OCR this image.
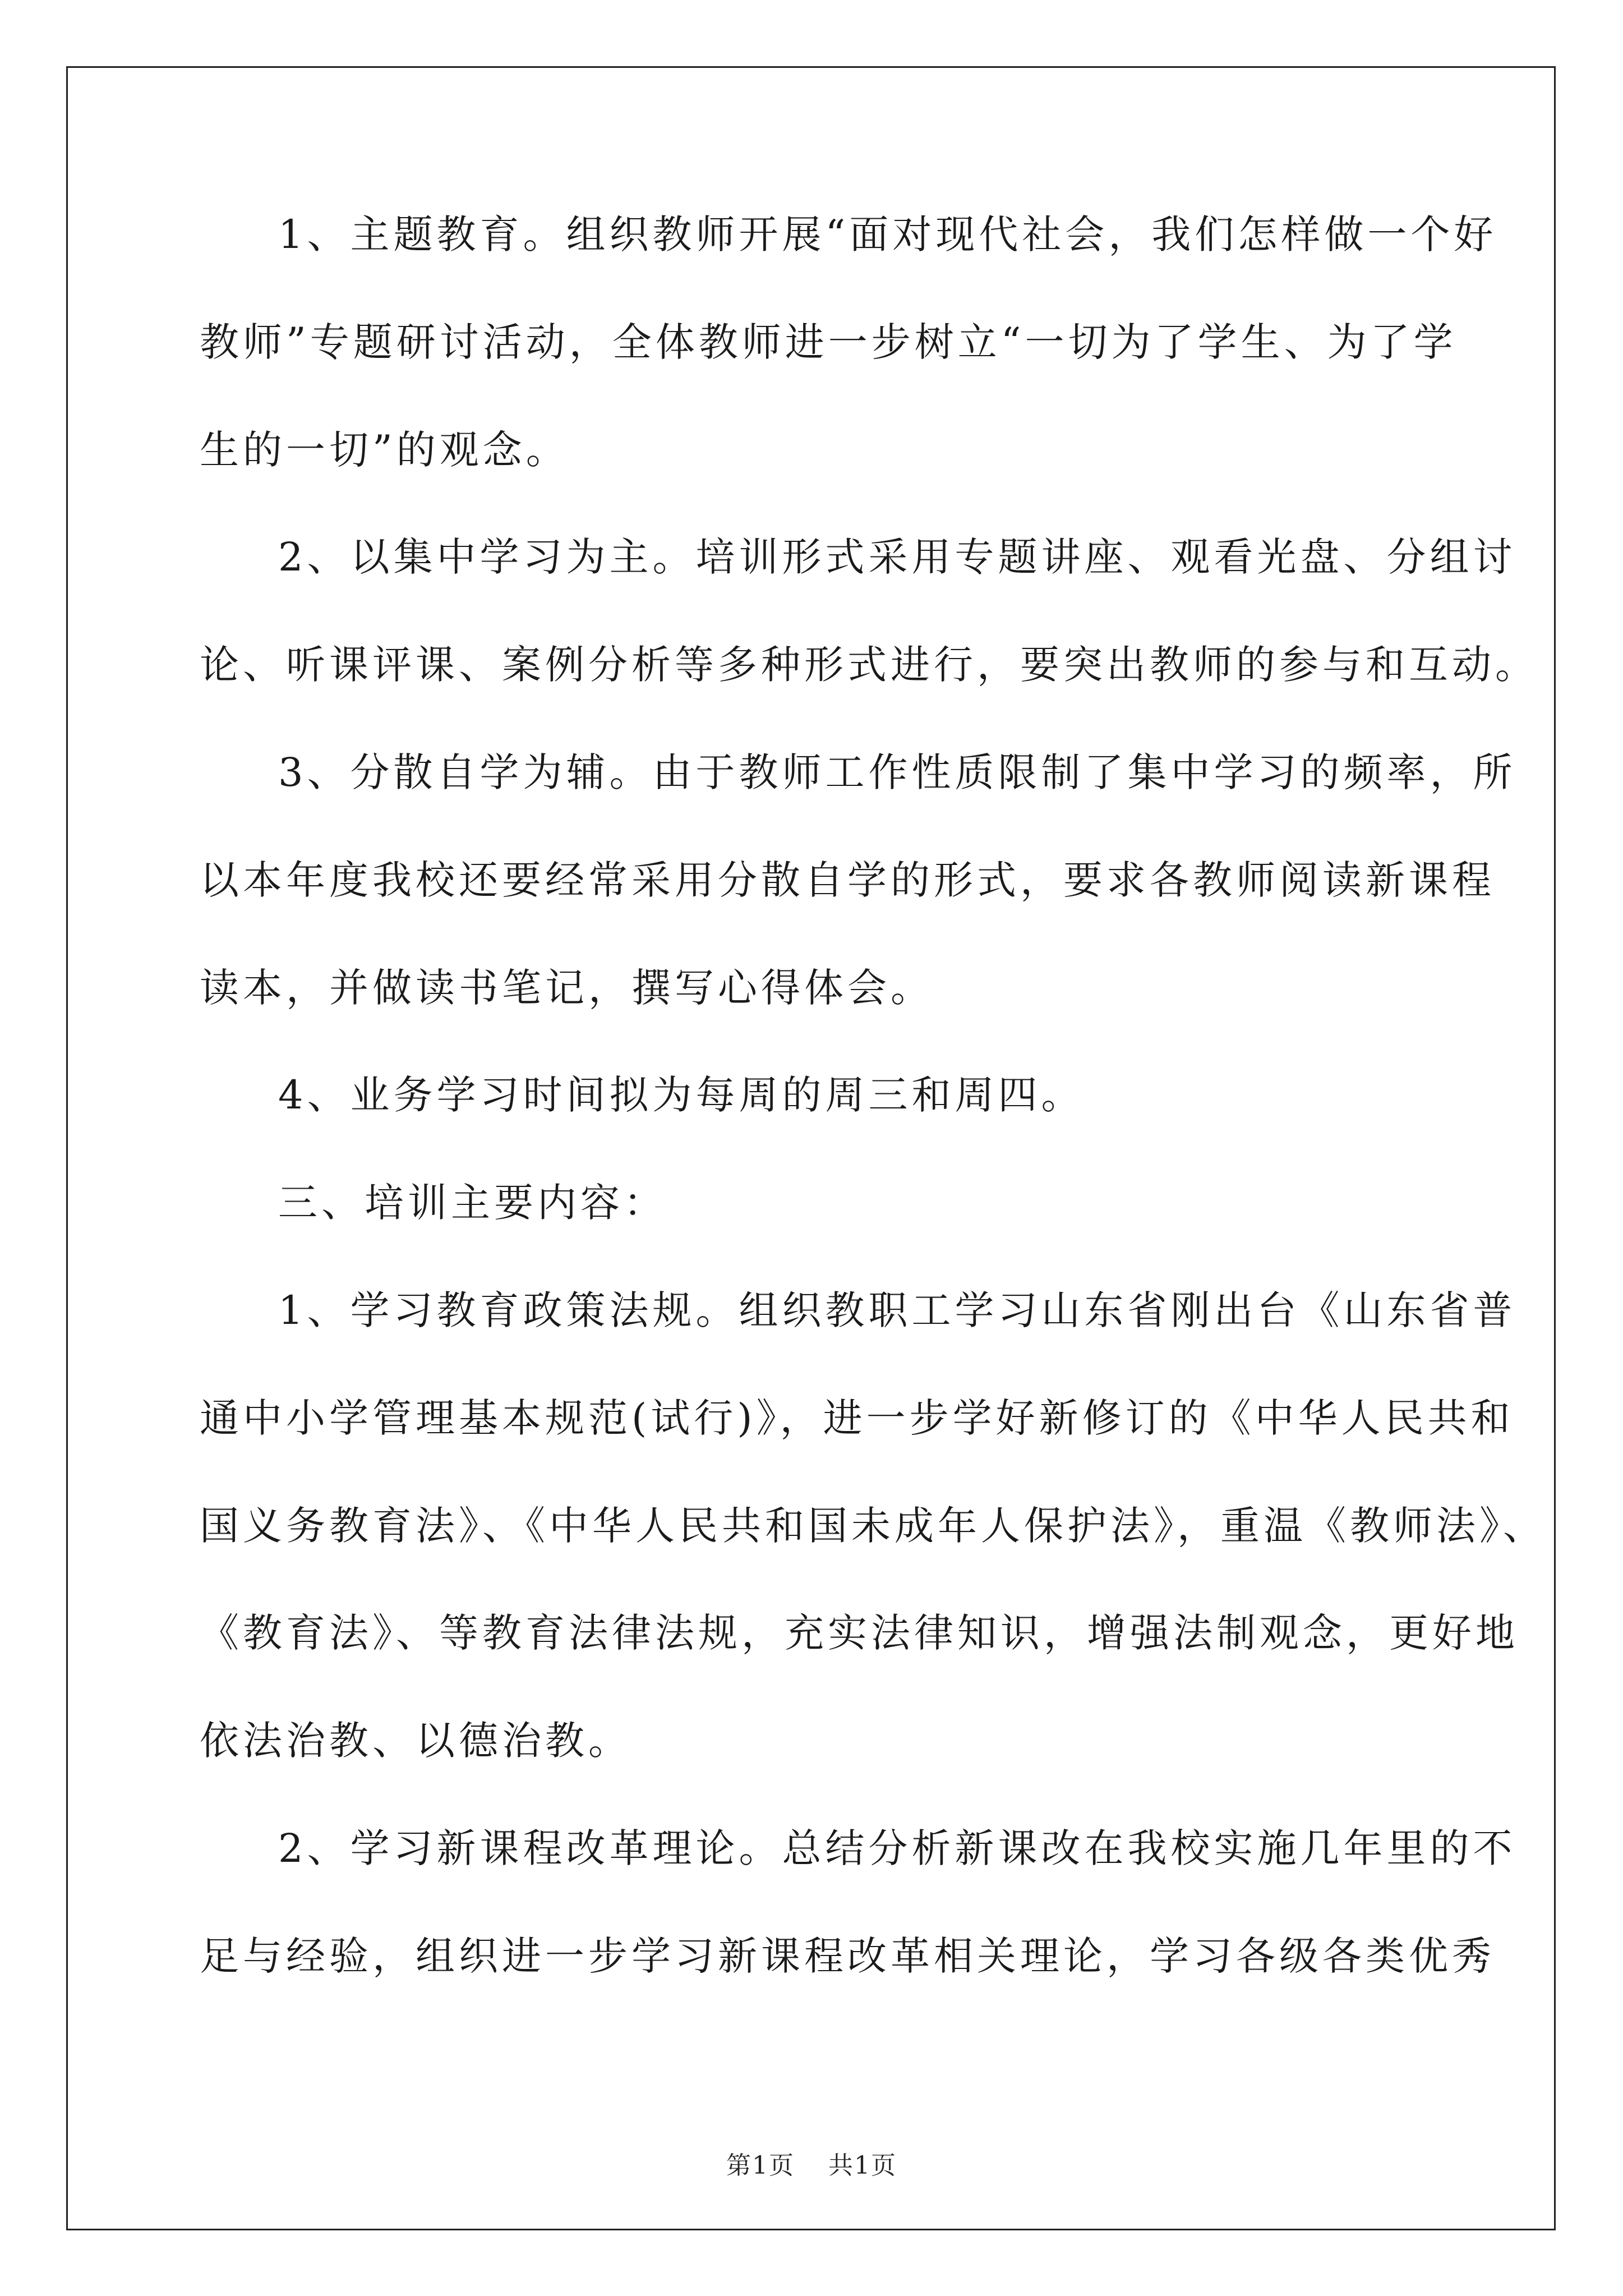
1、主题教育。组织教师开展“面对现代社会，我们怎样做一个好
教师”专题研讨活动，全体教师进一步树立“一切为了学生、为了学
生的一切”的观念。
2、以集中学习为主。培训形式采用专题讲座、观看光盘、分组讨
论、听课评课、案例分析等多种形式进行，要突出教师的参与和互动。
3、分散自学为辅。由于教师工作性质限制了集中学习的频率，所
以本年度我校还要经常采用分散自学的形式，要求各教师阅读新课程
读本，并做读书笔记，撰写心得体会。
4、业务学习时间拟为每周的周三和周四。
三、培训主要内容：
1、学习教育政策法规。组织教职工学习山东省刚出台《山东省普
通中小学管理基本规范(试行)》，进一步学好新修订的《中华人民共和
国义务教育法》、《中华人民共和国未成年人保护法》，重温《教师法》、
《教育法》、等教育法律法规，充实法律知识，增强法制观念，更好地
依法治教、以德治教。
2、学习新课程改革理论。总结分析新课改在我校实施几年里的不
足与经验，组织进一步学习新课程改革相关理论，学习各级各类优秀
第1页 共1页
